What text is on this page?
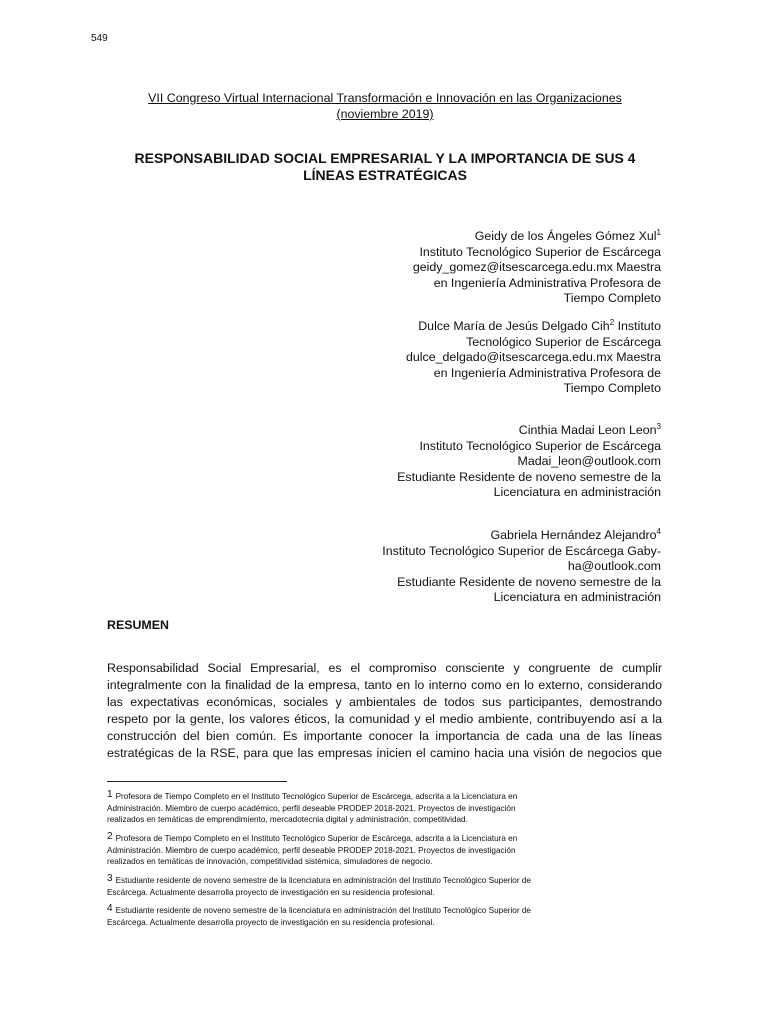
549
VII Congreso Virtual Internacional Transformación e Innovación en las Organizaciones
(noviembre 2019)
RESPONSABILIDAD SOCIAL EMPRESARIAL Y LA IMPORTANCIA DE SUS 4
LÍNEAS ESTRATÉGICAS
Geidy de los Ángeles Gómez Xul$^1$
Instituto Tecnológico Superior de Escárcega
geidy_gomez@itsescarcega.edu.mx Maestra
en Ingeniería Administrativa Profesora de
Tiempo Completo
Dulce María de Jesús Delgado Cih$^2$ Instituto
Tecnológico Superior de Escárcega
dulce_delgado@itsescarcega.edu.mx Maestra
en Ingeniería Administrativa Profesora de
Tiempo Completo
Cinthia Madai Leon Leon$^3$
Instituto Tecnológico Superior de Escárcega
Madai_leon@outlook.com
Estudiante Residente de noveno semestre de la
Licenciatura en administración
Gabriela Hernández Alejandro$^4$
Instituto Tecnológico Superior de Escárcega Gaby-
ha@outlook.com
Estudiante Residente de noveno semestre de la
Licenciatura en administración
RESUMEN
Responsabilidad Social Empresarial, es el compromiso consciente y congruente de cumplir
integralmente con la finalidad de la empresa, tanto en lo interno como en lo externo, considerando
las expectativas económicas, sociales y ambientales de todos sus participantes, demostrando
respeto por la gente, los valores éticos, la comunidad y el medio ambiente, contribuyendo así a la
construcción del bien común. Es importante conocer la importancia de cada una de las líneas
estratégicas de la RSE, para que las empresas inicien el camino hacia una visión de negocios que
1 Profesora de Tiempo Completo en el Instituto Tecnológico Superior de Escárcega, adscrita a la Licenciatura en
Administración. Miembro de cuerpo académico, perfil deseable PRODEP 2018-2021. Proyectos de investigación
realizados en temáticas de emprendimiento, mercadotecnia digital y administración, competitividad.
2 Profesora de Tiempo Completo en el Instituto Tecnológico Superior de Escárcega, adscrita a la Licenciatura en
Administración. Miembro de cuerpo académico, perfil deseable PRODEP 2018-2021. Proyectos de investigación
realizados en temáticas de innovación, competitividad sistémica, simuladores de negocio.
3 Estudiante residente de noveno semestre de la licenciatura en administración del Instituto Tecnológico Superior de
Escárcega. Actualmente desarrolla proyecto de investigación en su residencia profesional.
4 Estudiante residente de noveno semestre de la licenciatura en administración del Instituto Tecnológico Superior de
Escárcega. Actualmente desarrolla proyecto de investigación en su residencia profesional.
